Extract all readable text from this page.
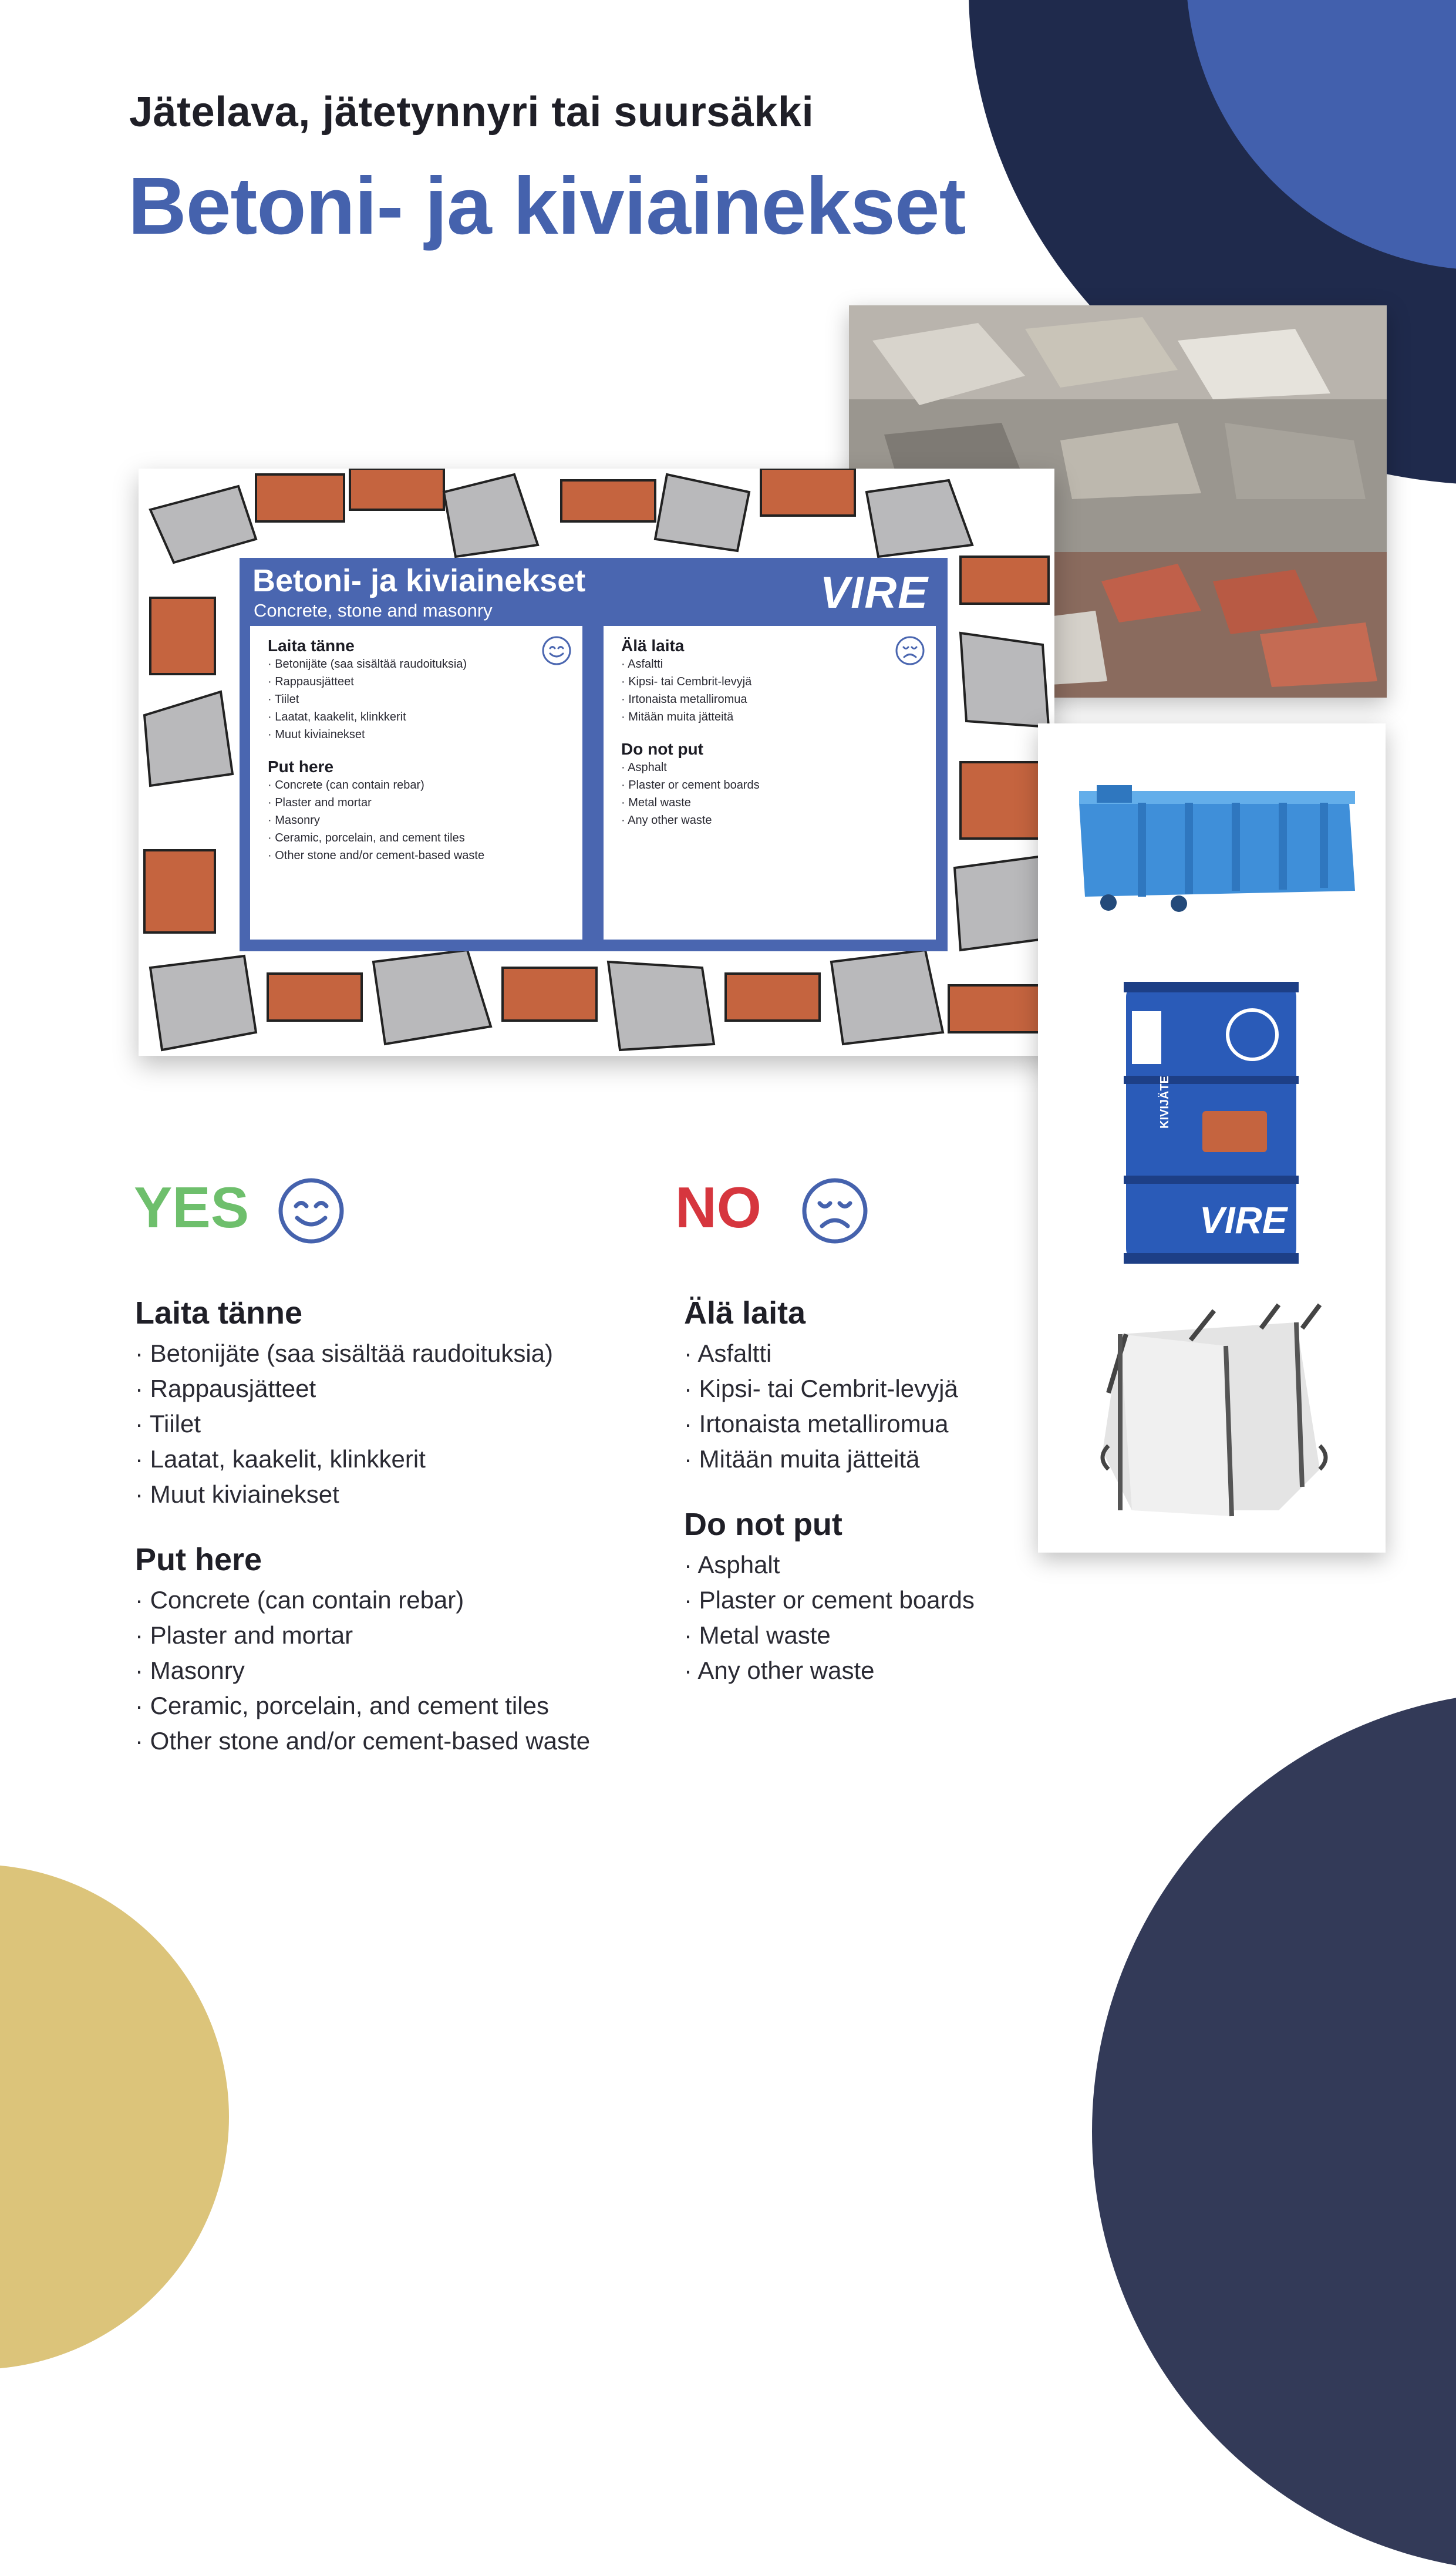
Jätelava, jätetynnyri tai suursäkki
Betoni- ja kiviainekset
Betoni- ja kiviainekset
Concrete, stone and masonry	VIRE
Laita tänne
· Betonijäte (saa sisältää raudoituksia)
· Rappausjätteet
· Tiilet
· Laatat, kaakelit, klinkkerit
· Muut kiviainekset
Put here
· Concrete (can contain rebar)
· Plaster and mortar
· Masonry
· Ceramic, porcelain, and cement tiles
· Other stone and/or cement-based waste
Älä laita
· Asfaltti
· Kipsi- tai Cembrit-levyjä
· Irtonaista metalliromua
· Mitään muita jätteitä
Do not put
· Asphalt
· Plaster or cement boards
· Metal waste
· Any other waste
VIRE
KIVIJÄTE
YES	NO
Laita tänne
· Betonijäte (saa sisältää raudoituksia)
· Rappausjätteet
· Tiilet
· Laatat, kaakelit, klinkkerit
· Muut kiviainekset
Put here
· Concrete (can contain rebar)
· Plaster and mortar
· Masonry
· Ceramic, porcelain, and cement tiles
· Other stone and/or cement-based waste
Älä laita
· Asfaltti
· Kipsi- tai Cembrit-levyjä
· Irtonaista metalliromua
· Mitään muita jätteitä
Do not put
· Asphalt
· Plaster or cement boards
· Metal waste
· Any other waste
